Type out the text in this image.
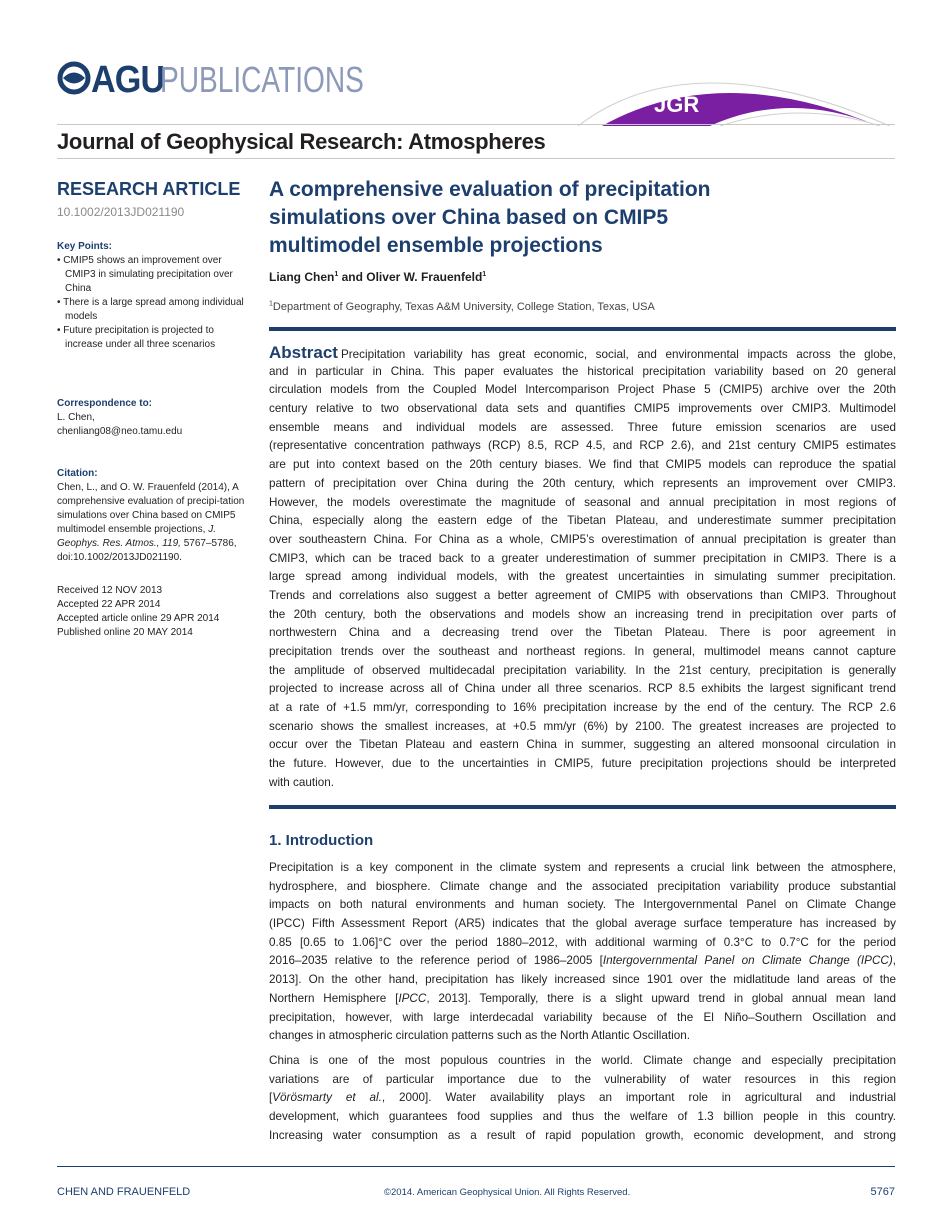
AGU
PUBLICATIONS
JGR
Journal of Geophysical Research: Atmospheres
RESEARCH ARTICLE
10.1002/2013JD021190
Key Points:
• CMIP5 shows an improvement over CMIP3 in simulating precipitation over China
• There is a large spread among individual models
• Future precipitation is projected to increase under all three scenarios
Correspondence to:
L. Chen,
chenliang08@neo.tamu.edu
Citation:
Chen, L., and O. W. Frauenfeld (2014), A comprehensive evaluation of precipi-tation simulations over China based on CMIP5 multimodel ensemble projections, J. Geophys. Res. Atmos., 119, 5767–5786, doi:10.1002/2013JD021190.
Received 12 NOV 2013
Accepted 22 APR 2014
Accepted article online 29 APR 2014
Published online 20 MAY 2014
A comprehensive evaluation of precipitation
simulations over China based on CMIP5
multimodel ensemble projections
Liang Chen$^1$ and Oliver W. Frauenfeld$^1$
$^1$Department of Geography, Texas A&M University, College Station, Texas, USA
Abstract Precipitation variability has great economic, social, and environmental impacts across the globe,
and in particular in China. This paper evaluates the historical precipitation variability based on 20 general
circulation models from the Coupled Model Intercomparison Project Phase 5 (CMIP5) archive over the 20th
century relative to two observational data sets and quantifies CMIP5 improvements over CMIP3. Multimodel
ensemble means and individual models are assessed. Three future emission scenarios are used
(representative concentration pathways (RCP) 8.5, RCP 4.5, and RCP 2.6), and 21st century CMIP5 estimates
are put into context based on the 20th century biases. We find that CMIP5 models can reproduce the spatial
pattern of precipitation over China during the 20th century, which represents an improvement over CMIP3.
However, the models overestimate the magnitude of seasonal and annual precipitation in most regions of
China, especially along the eastern edge of the Tibetan Plateau, and underestimate summer precipitation
over southeastern China. For China as a whole, CMIP5’s overestimation of annual precipitation is greater than
CMIP3, which can be traced back to a greater underestimation of summer precipitation in CMIP3. There is a
large spread among individual models, with the greatest uncertainties in simulating summer precipitation.
Trends and correlations also suggest a better agreement of CMIP5 with observations than CMIP3. Throughout
the 20th century, both the observations and models show an increasing trend in precipitation over parts of
northwestern China and a decreasing trend over the Tibetan Plateau. There is poor agreement in
precipitation trends over the southeast and northeast regions. In general, multimodel means cannot capture
the amplitude of observed multidecadal precipitation variability. In the 21st century, precipitation is generally
projected to increase across all of China under all three scenarios. RCP 8.5 exhibits the largest significant trend
at a rate of +1.5 mm/yr, corresponding to 16% precipitation increase by the end of the century. The RCP 2.6
scenario shows the smallest increases, at +0.5 mm/yr (6%) by 2100. The greatest increases are projected to
occur over the Tibetan Plateau and eastern China in summer, suggesting an altered monsoonal circulation in
the future. However, due to the uncertainties in CMIP5, future precipitation projections should be interpreted
with caution.
1. Introduction
Precipitation is a key component in the climate system and represents a crucial link between the atmosphere,
hydrosphere, and biosphere. Climate change and the associated precipitation variability produce substantial
impacts on both natural environments and human society. The Intergovernmental Panel on Climate Change
(IPCC) Fifth Assessment Report (AR5) indicates that the global average surface temperature has increased by
0.85 [0.65 to 1.06]°C over the period 1880–2012, with additional warming of 0.3°C to 0.7°C for the period
2016–2035 relative to the reference period of 1986–2005 [Intergovernmental Panel on Climate Change (IPCC),
2013]. On the other hand, precipitation has likely increased since 1901 over the midlatitude land areas of the
Northern Hemisphere [IPCC, 2013]. Temporally, there is a slight upward trend in global annual mean land
precipitation, however, with large interdecadal variability because of the El Niño–Southern Oscillation and
changes in atmospheric circulation patterns such as the North Atlantic Oscillation.
China is one of the most populous countries in the world. Climate change and especially precipitation
variations are of particular importance due to the vulnerability of water resources in this region
[Vörösmarty et al., 2000]. Water availability plays an important role in agricultural and industrial
development, which guarantees food supplies and thus the welfare of 1.3 billion people in this country.
Increasing water consumption as a result of rapid population growth, economic development, and strong
CHEN AND FRAUENFELD	©2014. American Geophysical Union. All Rights Reserved.	5767
